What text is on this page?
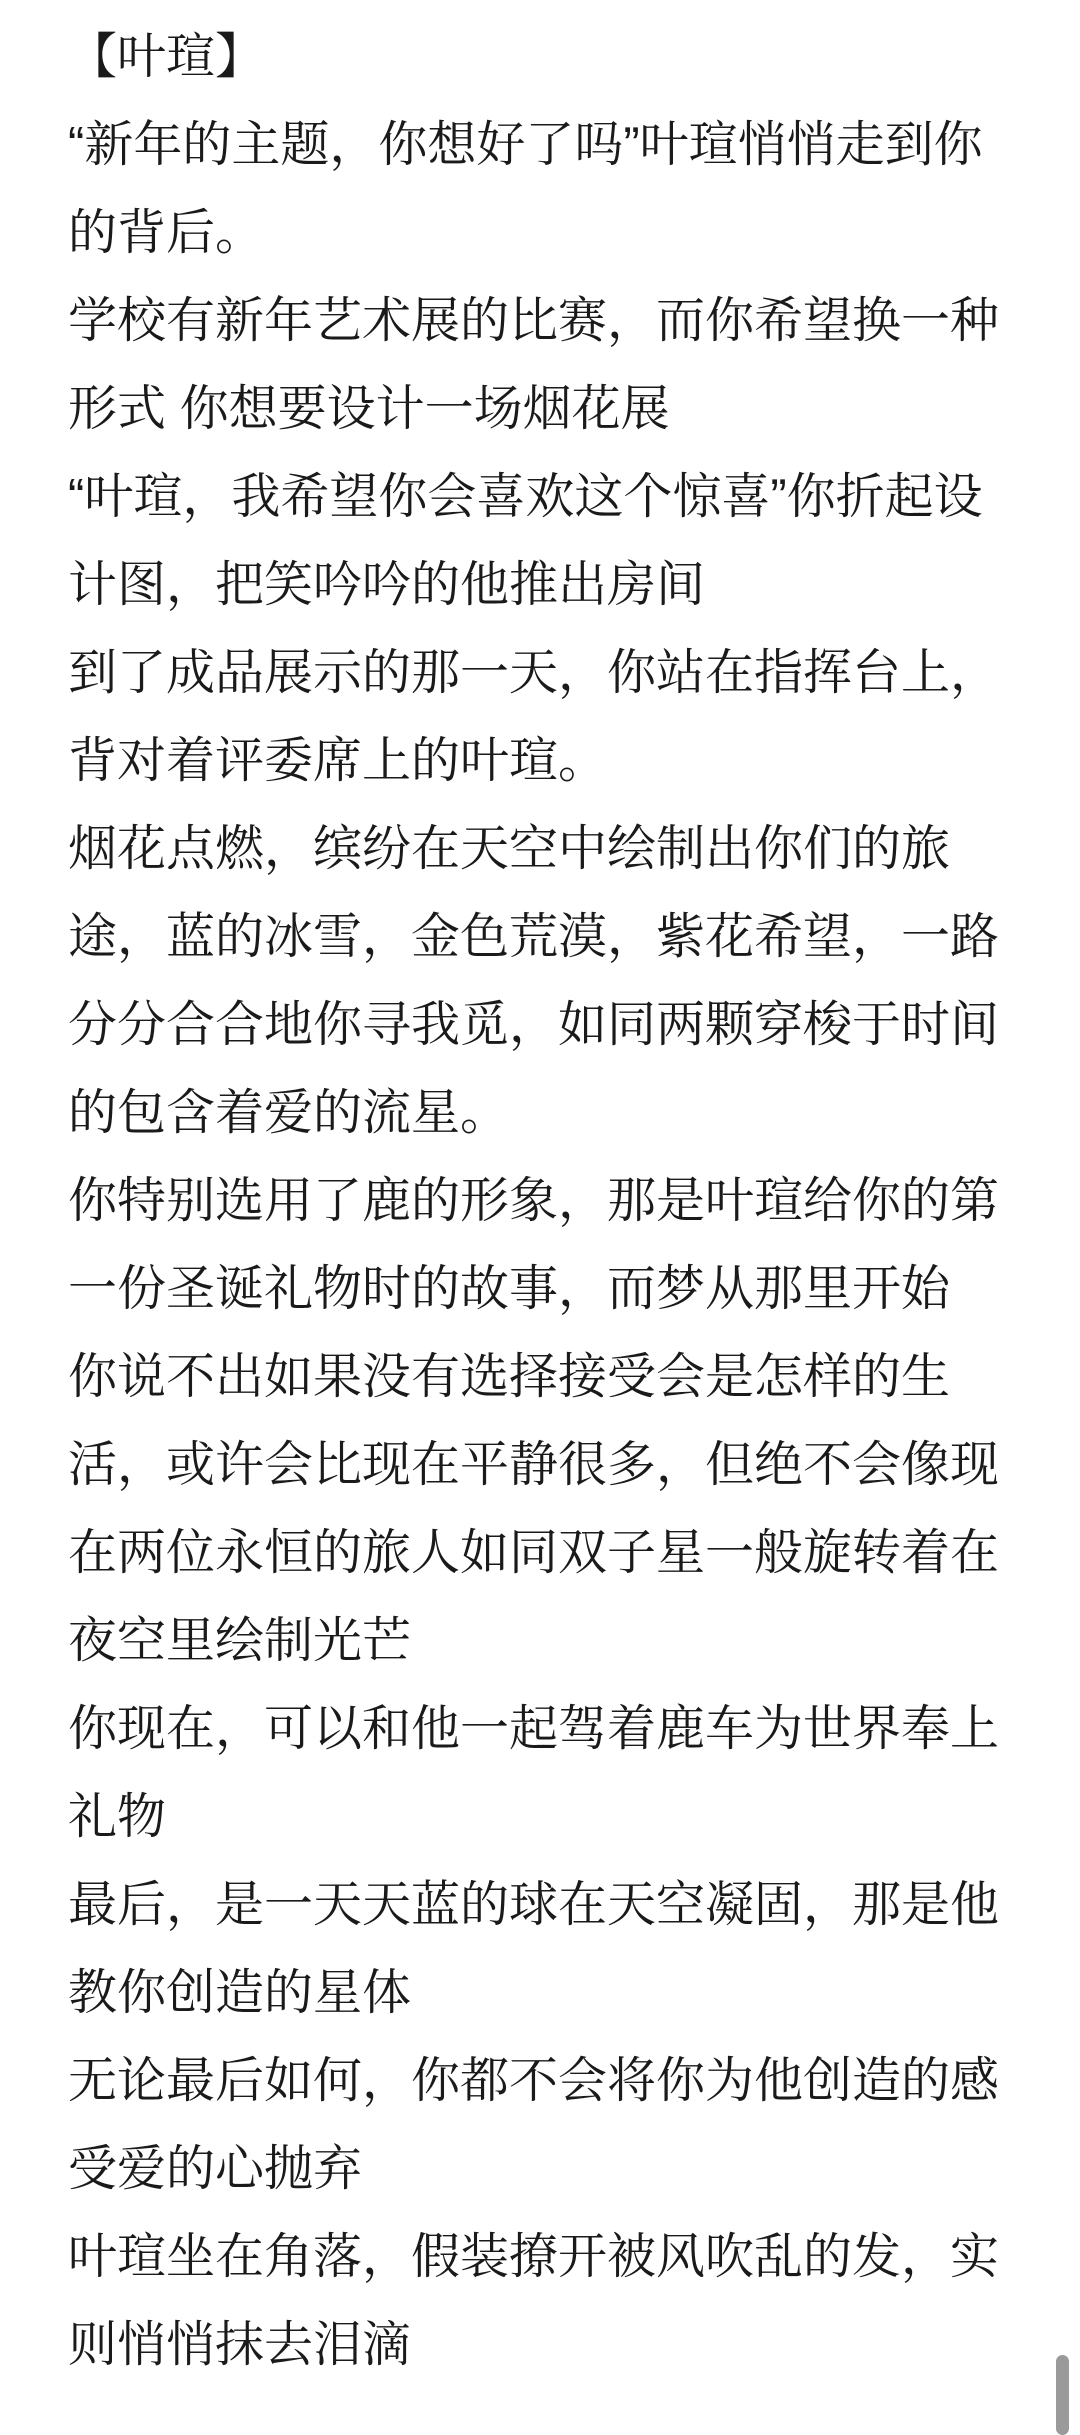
【叶瑄】
“新年的主题，你想好了吗”叶瑄悄悄走到你
的背后。
学校有新年艺术展的比赛，而你希望换一种
形式 你想要设计一场烟花展
“叶瑄，我希望你会喜欢这个惊喜”你折起设
计图，把笑吟吟的他推出房间
到了成品展示的那一天，你站在指挥台上，
背对着评委席上的叶瑄。
烟花点燃，缤纷在天空中绘制出你们的旅
途，蓝的冰雪，金色荒漠，紫花希望，一路
分分合合地你寻我觅，如同两颗穿梭于时间
的包含着爱的流星。
你特别选用了鹿的形象，那是叶瑄给你的第
一份圣诞礼物时的故事，而梦从那里开始
你说不出如果没有选择接受会是怎样的生
活，或许会比现在平静很多，但绝不会像现
在两位永恒的旅人如同双子星一般旋转着在
夜空里绘制光芒
你现在，可以和他一起驾着鹿车为世界奉上
礼物
最后，是一天天蓝的球在天空凝固，那是他
教你创造的星体
无论最后如何，你都不会将你为他创造的感
受爱的心抛弃
叶瑄坐在角落，假装撩开被风吹乱的发，实
则悄悄抹去泪滴
